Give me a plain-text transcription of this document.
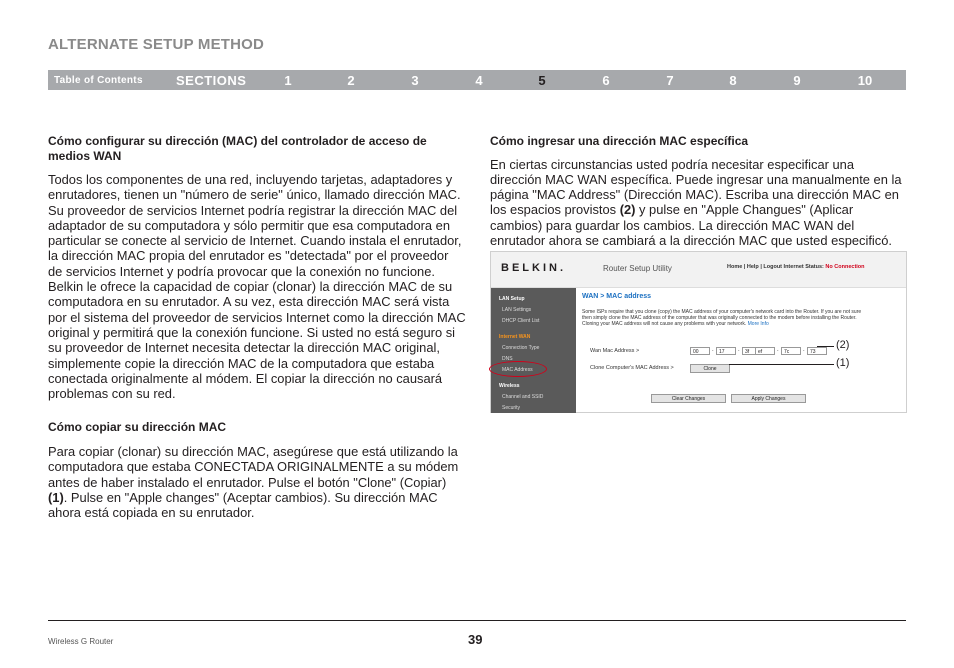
ALTERNATE SETUP METHOD
Table of Contents	SECTIONS	1	2	3	4	5	6	7	8	9	10
Cómo configurar su dirección (MAC) del controlador de acceso de medios WAN

Todos los componentes de una red, incluyendo tarjetas, adaptadores y enrutadores, tienen un "número de serie" único, llamado dirección MAC. Su proveedor de servicios Internet podría registrar la dirección MAC del adaptador de su computadora y sólo permitir que esa computadora en particular se conecte al servicio de Internet. Cuando instala el enrutador, la dirección MAC propia del enrutador es "detectada" por el proveedor de servicios Internet y podría provocar que la conexión no funcione. Belkin le ofrece la capacidad de copiar (clonar) la dirección MAC de su computadora en su enrutador. A su vez, esta dirección MAC será vista por el sistema del proveedor de servicios Internet como la dirección MAC original y permitirá que la conexión funcione. Si usted no está seguro si su proveedor de Internet necesita detectar la dirección MAC original, simplemente copie la dirección MAC de la computadora que estaba conectada originalmente al módem. El copiar la dirección no causará problemas con su red.

Cómo copiar su dirección MAC

Para copiar (clonar) su dirección MAC, asegúrese que está utilizando la computadora que estaba CONECTADA ORIGINALMENTE a su módem antes de haber instalado el enrutador. Pulse el botón "Clone" (Copiar) (1). Pulse en "Apple changes" (Aceptar cambios). Su dirección MAC ahora está copiada en su enrutador.

Cómo ingresar una dirección MAC específica

En ciertas circunstancias usted podría necesitar especificar una dirección MAC WAN específica. Puede ingresar una manualmente en la página "MAC Address" (Dirección MAC). Escriba una dirección MAC en los espacios provistos (2) y pulse en "Apple Changues" (Aplicar cambios) para guardar los cambios. La dirección MAC WAN del enrutador ahora se cambiará a la dirección MAC que usted especificó.

BELKIN.	Router Setup Utility	Home | Help | Logout Internet Status: No Connection
LAN Setup
LAN Settings
DHCP Client List
Internet WAN
Connection Type
DNS
MAC Address
Wireless
Channel and SSID
Security
WAN > MAC address
Some ISPs require that you clone (copy) the MAC address of your computer's network card into the Router. If you are not sure then simply clone the MAC address of the computer that was originally connected to the modem before installing the Router. Cloning your MAC address will not cause any problems with your network. More Info
Wan Mac Address >	00	.	17	.	3f	ef	.	7c	.	73
Clone Computer's MAC Address >	Clone
Clear Changes	Apply Changes
(2)
(1)
Wireless G Router	39
